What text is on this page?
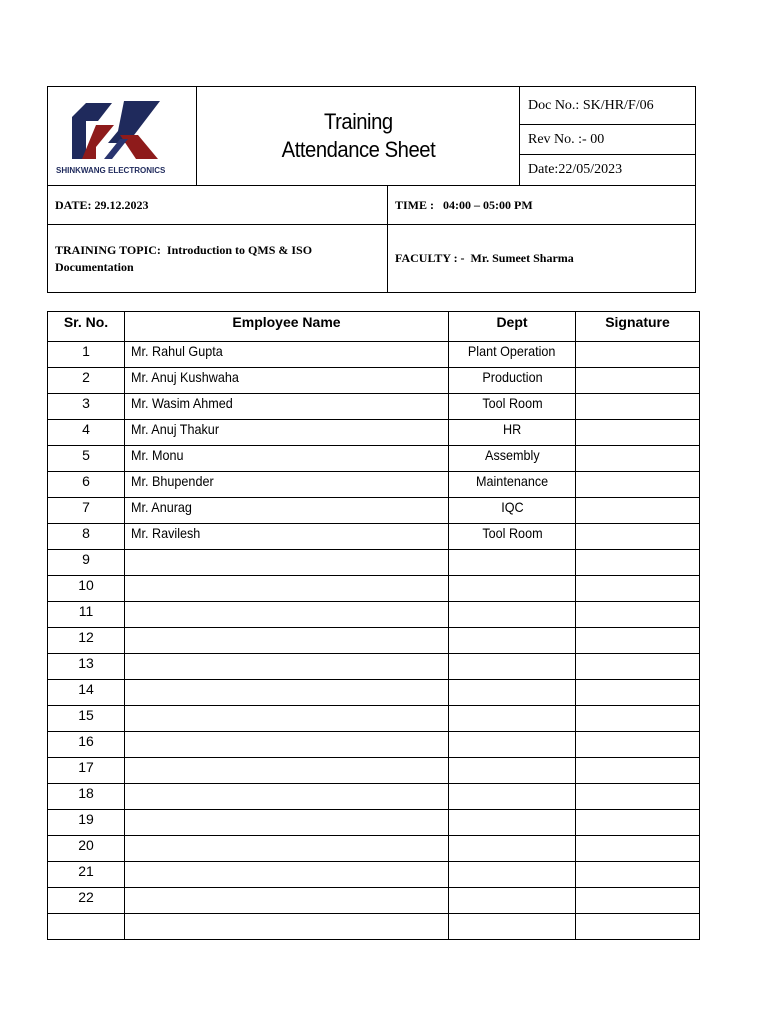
SHINKWANG ELECTRONICS
Training
Attendance Sheet
Doc No.: SK/HR/F/06
Rev No. :- 00
Date:22/05/2023
DATE: 29.12.2023	TIME :   04:00 – 05:00 PM
TRAINING TOPIC:  Introduction to QMS & ISO
Documentation
FACULTY : -  Mr. Sumeet Sharma
Sr. No.	Employee Name	Dept	Signature
1	Mr. Rahul Gupta	Plant Operation	
2	Mr. Anuj Kushwaha	Production	
3	Mr. Wasim Ahmed	Tool Room	
4	Mr. Anuj Thakur	HR	
5	Mr. Monu	Assembly	
6	Mr. Bhupender	Maintenance	
7	Mr. Anurag	IQC	
8	Mr. Ravilesh	Tool Room	
9			
10			
11			
12			
13			
14			
15			
16			
17			
18			
19			
20			
21			
22			
